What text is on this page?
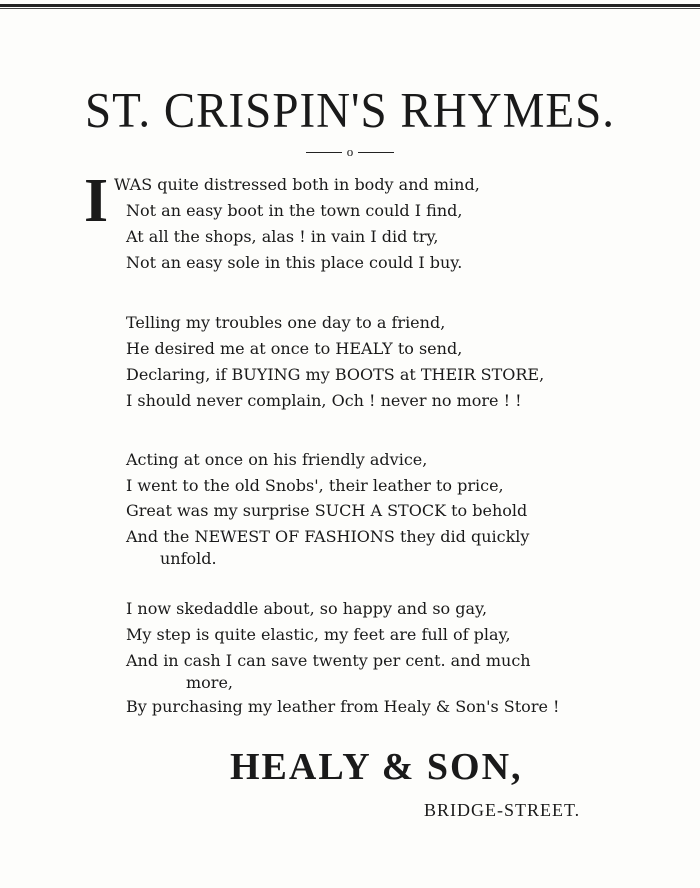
ST. CRISPIN'S RHYMES.
o
I WAS quite distressed both in body and mind,
Not an easy boot in the town could I find,
At all the shops, alas ! in vain I did try,
Not an easy sole in this place could I buy.
Telling my troubles one day to a friend,
He desired me at once to HEALY to send,
Declaring, if BUYING my BOOTS at THEIR STORE,
I should never complain, Och ! never no more ! !
Acting at once on his friendly advice,
I went to the old Snobs', their leather to price,
Great was my surprise SUCH A STOCK to behold
And the NEWEST OF FASHIONS they did quickly
unfold.
I now skedaddle about, so happy and so gay,
My step is quite elastic, my feet are full of play,
And in cash I can save twenty per cent. and much
more,
By purchasing my leather from Healy & Son's Store !
HEALY & SON,
BRIDGE-STREET.
